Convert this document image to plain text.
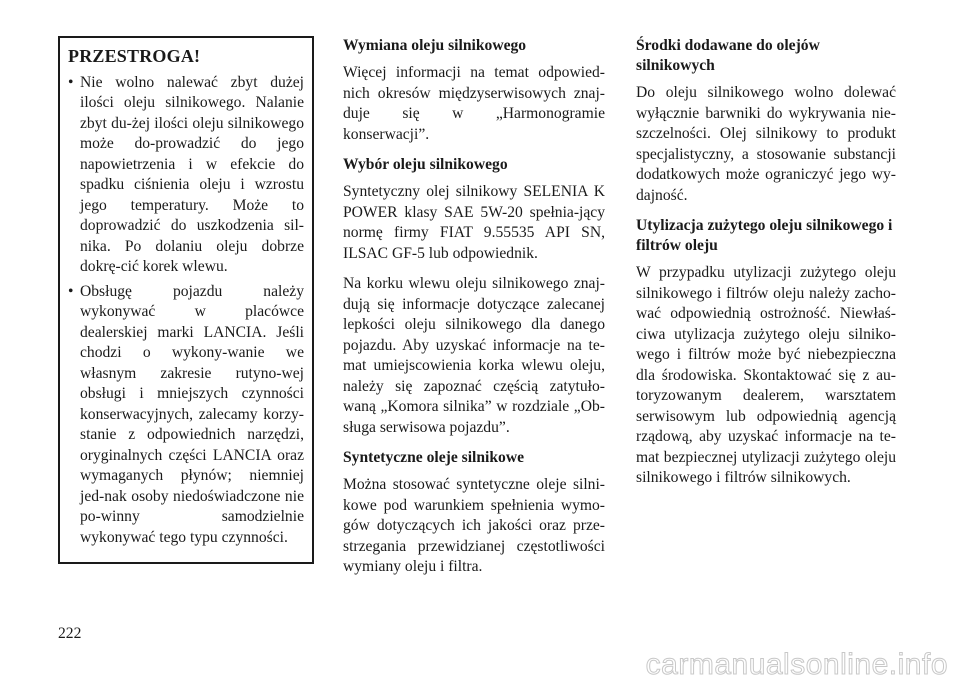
PRZESTROGA!
• Nie wolno nalewać zbyt dużej ilości oleju silnikowego. Nalanie zbyt du-żej ilości oleju silnikowego może do-prowadzić do jego napowietrzenia i w efekcie do spadku ciśnienia oleju i wzrostu jego temperatury. Może to doprowadzić do uszkodzenia sil-nika. Po dolaniu oleju dobrze dokrę-cić korek wlewu.
• Obsługę pojazdu należy wykonywać w placówce dealerskiej marki LANCIA. Jeśli chodzi o wykony-wanie we własnym zakresie rutyno-wej obsługi i mniejszych czynności konserwacyjnych, zalecamy korzy-stanie z odpowiednich narzędzi, oryginalnych części LANCIA oraz wymaganych płynów; niemniej jed-nak osoby niedoświadczone nie po-winny samodzielnie wykonywać tego typu czynności.
Wymiana oleju silnikowego

Więcej informacji na temat odpowied-nich okresów międzyserwisowych znaj-duje się w „Harmonogramie konserwacji”.

Wybór oleju silnikowego

Syntetyczny olej silnikowy SELENIA K POWER klasy SAE 5W-20 spełnia-jący normę firmy FIAT 9.55535 API SN, ILSAC GF-5 lub odpowiednik.

Na korku wlewu oleju silnikowego znaj-dują się informacje dotyczące zalecanej lepkości oleju silnikowego dla danego pojazdu. Aby uzyskać informacje na te-mat umiejscowienia korka wlewu oleju, należy się zapoznać częścią zatytuło-waną „Komora silnika” w rozdziale „Ob-sługa serwisowa pojazdu”.

Syntetyczne oleje silnikowe

Można stosować syntetyczne oleje silni-kowe pod warunkiem spełnienia wymo-gów dotyczących ich jakości oraz prze-strzegania przewidzianej częstotliwości wymiany oleju i filtra.

Środki dodawane do olejów silnikowych

Do oleju silnikowego wolno dolewać wyłącznie barwniki do wykrywania nie-szczelności. Olej silnikowy to produkt specjalistyczny, a stosowanie substancji dodatkowych może ograniczyć jego wy-dajność.

Utylizacja zużytego oleju silnikowego i filtrów oleju

W przypadku utylizacji zużytego oleju silnikowego i filtrów oleju należy zacho-wać odpowiednią ostrożność. Niewłaś-ciwa utylizacja zużytego oleju silniko-wego i filtrów może być niebezpieczna dla środowiska. Skontaktować się z au-toryzowanym dealerem, warsztatem serwisowym lub odpowiednią agencją rządową, aby uzyskać informacje na te-mat bezpiecznej utylizacji zużytego oleju silnikowego i filtrów silnikowych.

222
carmanualsonline.info
